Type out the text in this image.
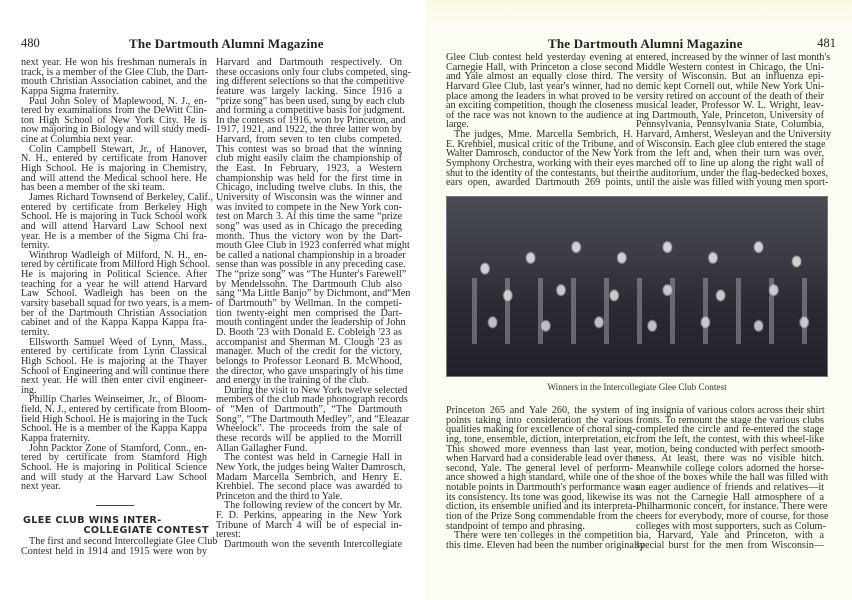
480	The Dartmouth Alumni Magazine
next year. He won his freshman numerals in
track, is a member of the Glee Club, the Dart-
mouth Christian Association cabinet, and the
Kappa Sigma fraternity.
Paul John Soley of Maplewood, N. J., en-
tered by examinations from the DeWitt Clin-
ton High School of New York City. He is
now majoring in Biology and will study medi-
cine at Columbia next year.
Colin Campbell Stewart, Jr., of Hanover,
N. H., entered by certificate from Hanover
High School. He is majoring in Chemistry,
and will attend the Medical school here. He
has been a member of the ski team.
James Richard Townsend of Berkeley, Calif.,
entered by certificate from Berkeley High
School. He is majoring in Tuck School work
and will attend Harvard Law School next
year. He is a member of the Sigma Chi fra-
ternity.
Winthrop Wadleigh of Milford, N. H., en-
tered by certificate from Milford High School.
He is majoring in Political Science. After
teaching for a year he will attend Harvard
Law School. Wadleigh has been on the
varsity baseball squad for two years, is a mem-
ber of the Dartmouth Christian Association
cabinet and of the Kappa Kappa Kappa fra-
ternity.
Ellsworth Samuel Weed of Lynn, Mass.,
entered by certificate from Lynn Classical
High School. He is majoring at the Thayer
School of Engineering and will continue there
next year. He will then enter civil engineer-
ing.
Phillip Charles Weinseimer, Jr., of Bloom-
field, N. J., entered by certificate from Bloom-
field High School. He is majoring in the Tuck
School. He is a member of the Kappa Kappa
Kappa fraternity.
John Packtor Zone of Stamford, Conn., en-
tered by certificate from Stamford High
School. He is majoring in Political Science
and will study at the Harvard Law School
next year.
GLEE CLUB WINS INTER-
COLLEGIATE CONTEST
The first and second Intercollegiate Glee Club
Contest held in 1914 and 1915 were won by
Harvard and Dartmouth respectively. On
these occasions only four clubs competed, sing-
ing different selections so that the competitive
feature was largely lacking. Since 1916 a
“prize song” has been used, sung by each club
and forming a competitive basis for judgment.
In the contests of 1916, won by Princeton, and
1917, 1921, and 1922, the three latter won by
Harvard, from seven to ten clubs competed.
This contest was so broad that the winning
club might easily claim the championship of
the East. In February, 1923, a Western
championship was held for the first time in
Chicago, including twelve clubs. In this, the
University of Wisconsin was the winner and
was invited to compete in the New York con-
test on March 3. At this time the same “prize
song” was used as in Chicago the preceding
month. Thus the victory won by the Dart-
mouth Glee Club in 1923 conferred what might
be called a national championship in a broader
sense than was possible in any preceding case.
The “prize song” was “The Hunter's Farewell”
by Mendelssohn. The Dartmouth Club also
sang “Ma Little Banjo” by Dichmont, and“Men
of Dartmouth” by Wellman. In the competi-
tion twenty-eight men comprised the Dart-
mouth contingent under the leadership of John
D. Booth '23 with Donald E. Cobleigh '23 as
accompanist and Sherman M. Clough '23 as
manager. Much of the credit for the victory,
belongs to Professor Leonard B. McWhood,
the director, who gave unsparingly of his time
and energy in the training of the club.
During the visit to New York twelve selected
members of the club made phonograph records
of “Men of Dartmouth”, “The Dartmouth
Song”, “The Dartmouth Medley”, and “Eleazar
Wheelock”. The proceeds from the sale of
these records will be applied to the Morrill
Allan Gallagher Fund.
The contest was held in Carnegie Hall in
New York, the judges being Walter Damrosch,
Madam Marcella Sembrich, and Henry E.
Krehbiel. The second place was awarded to
Princeton and the third to Yale.
The following review of the concert by Mr.
F. D. Perkins, appearing in the New York
Tribune of March 4 will be of especial in-
terest:
Dartmouth won the seventh Intercollegiate
The Dartmouth Alumni Magazine	481
Glee Club contest held yesterday evening at
Carnegie Hall, with Princeton a close second
and Yale almost an equally close third. The
Harvard Glee Club, last year's winner, had no
place among the leaders in what proved to be
an exciting competition, though the closeness
of the race was not known to the audience at
large.
The judges, Mme. Marcella Sembrich, H.
E. Krehbiel, musical critic of the Tribune, and
Walter Damrosch, conductor of the New York
Symphony Orchestra, working with their eyes
shut to the identity of the contestants, but their
ears open, awarded Dartmouth 269 points,
entered, increased by the winner of last month's
Middle Western contest in Chicago, the Uni-
versity of Wisconsin. But an influenza epi-
demic kept Cornell out, while New York Uni-
versity retired on account of the death of their
musical leader, Professor W. L. Wright, leav-
ing Dartmouth, Yale, Princeton, University of
Pennsylvania, Pennsylvania State, Columbia,
Harvard, Amherst, Wesleyan and the University
of Wisconsin. Each glee club entered the stage
from the left and, when their turn was over,
marched off to line up along the right wall of
the auditorium, under the flag-bedecked boxes,
until the aisle was filled with young men sport-
Winners in the Intercollegiate Glee Club Contest
Princeton 265 and Yale 260, the system of
points taking into consideration the various
qualities making for excellence of choral sing-
ing, tone, ensemble, diction, interpretation, etc.
This showed more evenness than last year,
when Harvard had a considerable lead over the
second, Yale. The general level of perform-
ance showed a high standard, while one of the
notable points in Dartmouth's performance was
its consistency. Its tone was good, likewise its
diction, its ensemble unified and its interpreta-
tion of the Prize Song commendable from the
standpoint of tempo and phrasing.
There were ten colleges in the competition
this time. Eleven had been the number originally
ing insignia of various colors across their shirt
fronts. To remount the stage the various clubs
completed the circle and re-entered the stage
from the left, the contest, with this wheel-like
motion, being conducted with perfect smooth-
ness. At least, there was no visible hitch.
Meanwhile college colors adorned the horse-
shoe of the boxes while the hall was filled with
an eager audience of friends and relatives—it
was not the Carnegie Hall atmosphere of a
Philharmonic concert, for instance. There were
cheers for everybody, more of course, for those
colleges with most supporters, such as Colum-
bia, Harvard, Yale and Princeton, with a
special burst for the men from Wisconsin—
